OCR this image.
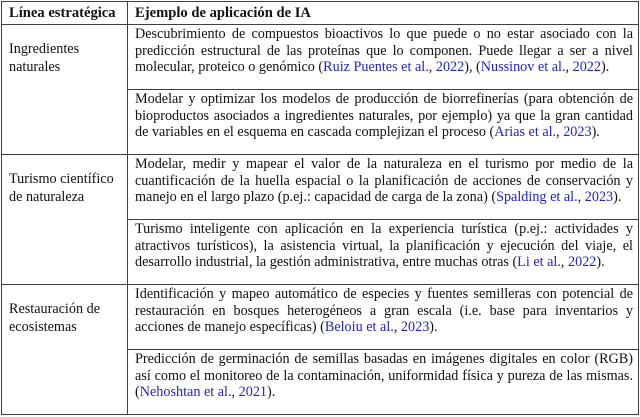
Línea estratégica	Ejemplo de aplicación de IA
Ingredientes naturales
Descubrimiento de compuestos bioactivos lo que puede o no estar asociado con la predicción estructural de las proteínas que lo componen. Puede llegar a ser a nivel molecular, proteico o genómico (Ruiz Puentes et al., 2022), (Nussinov et al., 2022).
Modelar y optimizar los modelos de producción de biorrefinerías (para obtención de bioproductos asociados a ingredientes naturales, por ejemplo) ya que la gran cantidad de variables en el esquema en cascada complejizan el proceso (Arias et al., 2023).
Turismo científico de naturaleza
Modelar, medir y mapear el valor de la naturaleza en el turismo por medio de la cuantificación de la huella espacial o la planificación de acciones de conservación y manejo en el largo plazo (p.ej.: capacidad de carga de la zona) (Spalding et al., 2023).
Turismo inteligente con aplicación en la experiencia turística (p.ej.: actividades y atractivos turísticos), la asistencia virtual, la planificación y ejecución del viaje, el desarrollo industrial, la gestión administrativa, entre muchas otras (Li et al., 2022).
Restauración de ecosistemas
Identificación y mapeo automático de especies y fuentes semilleras con potencial de restauración en bosques heterogéneos a gran escala (i.e. base para inventarios y acciones de manejo específicas) (Beloiu et al., 2023).
Predicción de germinación de semillas basadas en imágenes digitales en color (RGB) así como el monitoreo de la contaminación, uniformidad física y pureza de las mismas. (Nehoshtan et al., 2021).
